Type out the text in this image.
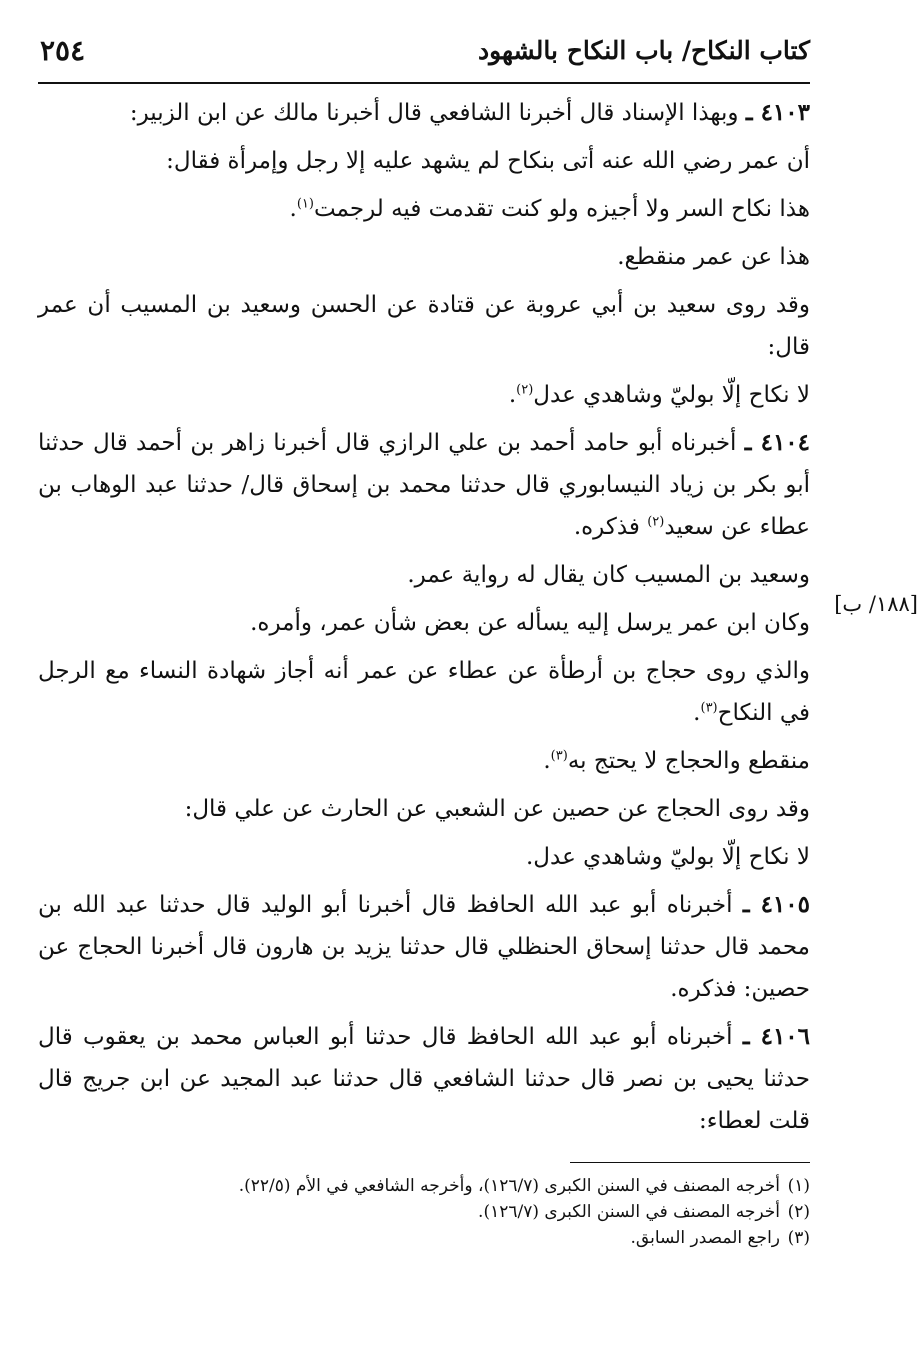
كتاب النكاح/ باب النكاح بالشهود
٢٥٤
[١٨٨/ ب]

٤١٠٣ ـ وبهذا الإسناد قال أخبرنا الشافعي قال أخبرنا مالك عن ابن الزبير:

أن عمر رضي الله عنه أتى بنكاح لم يشهد عليه إلا رجل وإمرأة فقال:

هذا نكاح السر ولا أجيزه ولو كنت تقدمت فيه لرجمت$^{(١)}$.

هذا عن عمر منقطع.

وقد روى سعيد بن أبي عروبة عن قتادة عن الحسن وسعيد بن المسيب أن عمر قال:

لا نكاح إلّا بوليّ وشاهدي عدل$^{(٢)}$.

٤١٠٤ ـ أخبرناه أبو حامد أحمد بن علي الرازي قال أخبرنا زاهر بن أحمد قال حدثنا أبو بكر بن زياد النيسابوري قال حدثنا محمد بن إسحاق قال/ حدثنا عبد الوهاب بن عطاء عن سعيد$^{(٢)}$ فذكره.

وسعيد بن المسيب كان يقال له رواية عمر.

وكان ابن عمر يرسل إليه يسأله عن بعض شأن عمر، وأمره.

والذي روى حجاج بن أرطأة عن عطاء عن عمر أنه أجاز شهادة النساء مع الرجل في النكاح$^{(٣)}$.

منقطع والحجاج لا يحتج به$^{(٣)}$.

وقد روى الحجاج عن حصين عن الشعبي عن الحارث عن علي قال:

لا نكاح إلّا بوليّ وشاهدي عدل.

٤١٠٥ ـ أخبرناه أبو عبد الله الحافظ قال أخبرنا أبو الوليد قال حدثنا عبد الله بن محمد قال حدثنا إسحاق الحنظلي قال حدثنا يزيد بن هارون قال أخبرنا الحجاج عن حصين: فذكره.

٤١٠٦ ـ أخبرناه أبو عبد الله الحافظ قال حدثنا أبو العباس محمد بن يعقوب قال حدثنا يحيى بن نصر قال حدثنا الشافعي قال حدثنا عبد المجيد عن ابن جريج قال قلت لعطاء:

(١)أخرجه المصنف في السنن الكبرى (١٢٦/٧)، وأخرجه الشافعي في الأم (٢٢/٥).

(٢)أخرجه المصنف في السنن الكبرى (١٢٦/٧).

(٣)راجع المصدر السابق.
